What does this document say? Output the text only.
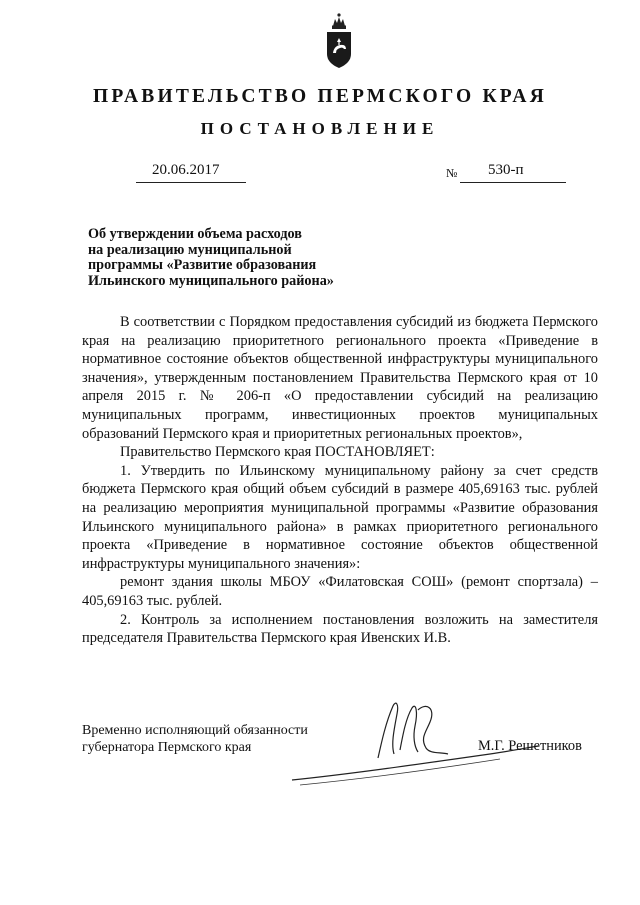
ПРАВИТЕЛЬСТВО ПЕРМСКОГО КРАЯ
ПОСТАНОВЛЕНИЕ
20.06.2017	№ 530-п
Об утверждении объема расходов
на реализацию муниципальной
программы «Развитие образования
Ильинского муниципального района»

В соответствии с Порядком предоставления субсидий из бюджета Пермского края на реализацию приоритетного регионального проекта «Приведение в нормативное состояние объектов общественной инфраструктуры муниципального значения», утвержденным постановлением Правительства Пермского края от 10 апреля 2015 г. № 206-п «О предоставлении субсидий на реализацию муниципальных программ, инвестиционных проектов муниципальных образований Пермского края и приоритетных региональных проектов»,

Правительство Пермского края ПОСТАНОВЛЯЕТ:

1. Утвердить по Ильинскому муниципальному району за счет средств бюджета Пермского края общий объем субсидий в размере 405,69163 тыс. рублей на реализацию мероприятия муниципальной программы «Развитие образования Ильинского муниципального района» в рамках приоритетного регионального проекта «Приведение в нормативное состояние объектов общественной инфраструктуры муниципального значения»:

ремонт здания школы МБОУ «Филатовская СОШ» (ремонт спортзала) – 405,69163 тыс. рублей.

2. Контроль за исполнением постановления возложить на заместителя председателя Правительства Пермского края Ивенских И.В.

Временно исполняющий обязанности
губернатора Пермского края	М.Г. Решетников
